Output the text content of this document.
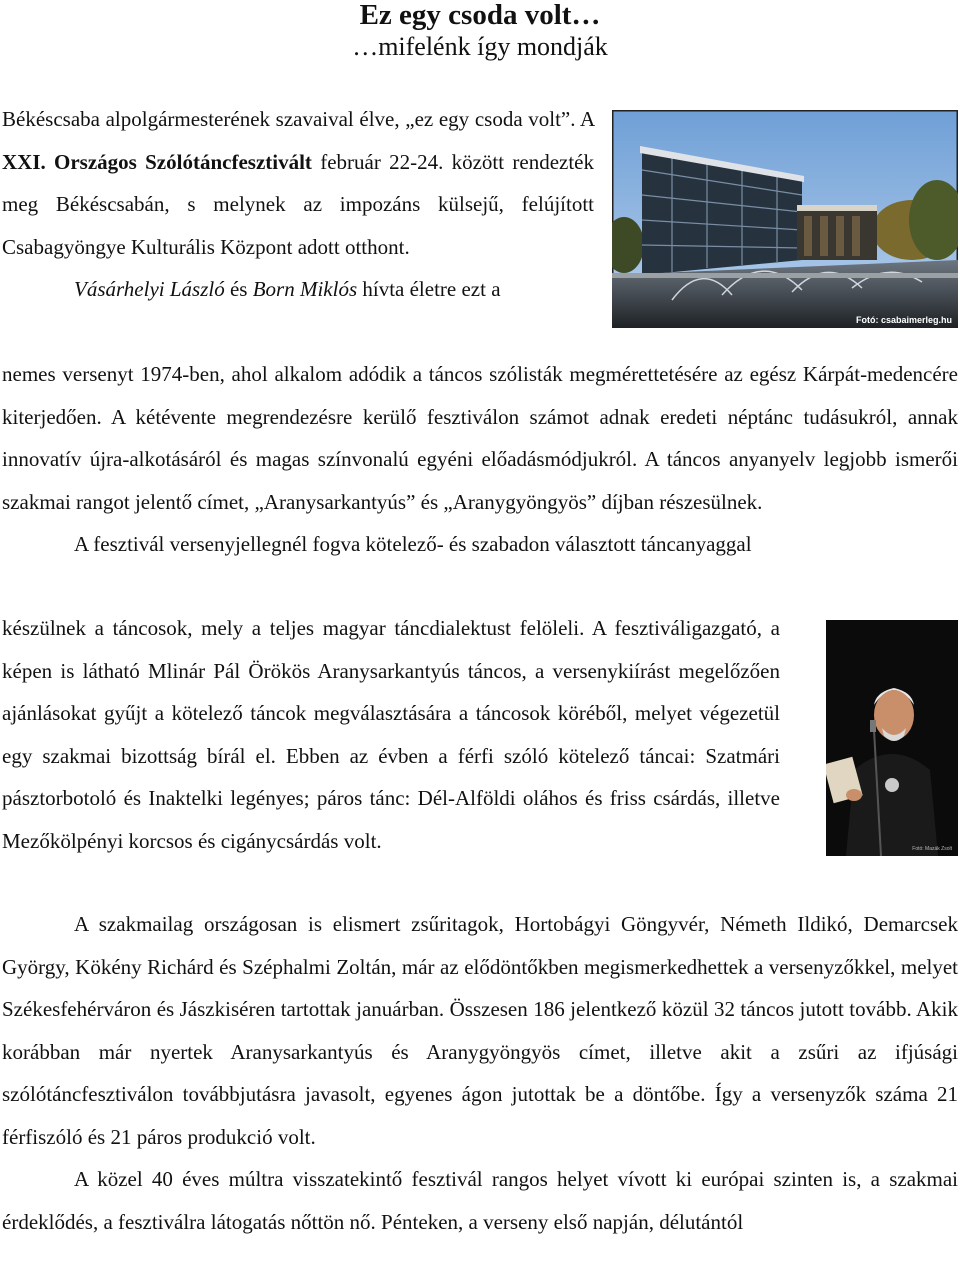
Ez egy csoda volt…
…mifelénk így mondják

Békéscsaba alpolgármesterének szavaival élve, „ez egy csoda volt”. A XXI. Országos Szólótáncfesztivált február 22-24. között rendezték meg Békéscsabán, s melynek az impozáns külsejű, felújított Csabagyöngye Kulturális Központ adott otthont.

Vásárhelyi László és Born Miklós hívta életre ezt a

Fotó: csabaimerleg.hu

nemes versenyt 1974-ben, ahol alkalom adódik a táncos szólisták megmérettetésére az egész Kárpát-medencére kiterjedően. A kétévente megrendezésre kerülő fesztiválon számot adnak eredeti néptánc tudásukról, annak innovatív újra-alkotásáról és magas színvonalú egyéni előadásmódjukról. A táncos anyanyelv legjobb ismerői szakmai rangot jelentő címet, „Aranysarkantyús” és „Aranygyöngyös” díjban részesülnek.

A fesztivál versenyjellegnél fogva kötelező- és szabadon választott táncanyaggal

készülnek a táncosok, mely a teljes magyar táncdialektust felöleli. A fesztiváligazgató, a képen is látható Mlinár Pál Örökös Aranysarkantyús táncos, a versenykiírást megelőzően ajánlásokat gyűjt a kötelező táncok megválasztására a táncosok köréből, melyet végezetül egy szakmai bizottság bírál el. Ebben az évben a férfi szóló kötelező táncai: Szatmári pásztorbotoló és Inaktelki legényes; páros tánc: Dél-Alföldi oláhos és friss csárdás, illetve Mezőkölpényi korcsos és cigánycsárdás volt.	Fotó: Mazák Zsolt

A szakmailag országosan is elismert zsűritagok, Hortobágyi Göngyvér, Németh Ildikó, Demarcsek György, Kökény Richárd és Széphalmi Zoltán, már az elődöntőkben megismerkedhettek a versenyzőkkel, melyet Székesfehérváron és Jászkiséren tartottak januárban. Összesen 186 jelentkező közül 32 táncos jutott tovább. Akik korábban már nyertek Aranysarkantyús és Aranygyöngyös címet, illetve akit a zsűri az ifjúsági szólótáncfesztiválon továbbjutásra javasolt, egyenes ágon jutottak be a döntőbe. Így a versenyzők száma 21 férfiszóló és 21 páros produkció volt.

A közel 40 éves múltra visszatekintő fesztivál rangos helyet vívott ki európai szinten is, a szakmai érdeklődés, a fesztiválra látogatás nőttön nő. Pénteken, a verseny első napján, délutántól
